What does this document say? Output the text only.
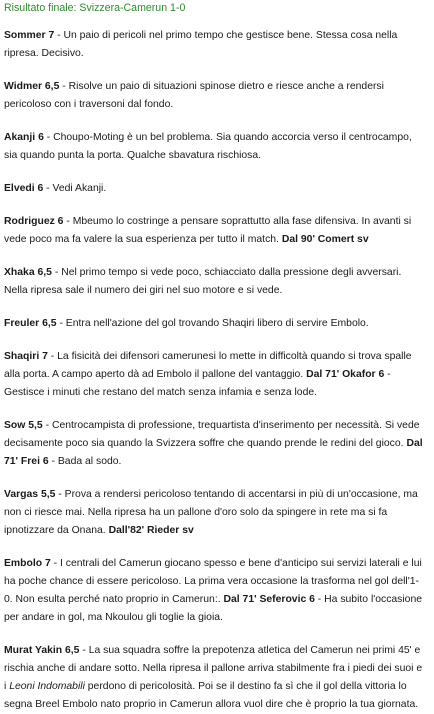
Risultato finale: Svizzera-Camerun 1-0

Sommer 7 - Un paio di pericoli nel primo tempo che gestisce bene. Stessa cosa nella ripresa. Decisivo.

Widmer 6,5 - Risolve un paio di situazioni spinose dietro e riesce anche a rendersi pericoloso con i traversoni dal fondo.

Akanji 6 - Choupo-Moting è un bel problema. Sia quando accorcia verso il centrocampo, sia quando punta la porta. Qualche sbavatura rischiosa.

Elvedi 6 - Vedi Akanji.

Rodriguez 6 - Mbeumo lo costringe a pensare soprattutto alla fase difensiva. In avanti si vede poco ma fa valere la sua esperienza per tutto il match. Dal 90' Comert sv

Xhaka 6,5 - Nel primo tempo si vede poco, schiacciato dalla pressione degli avversari. Nella ripresa sale il numero dei giri nel suo motore e si vede.

Freuler 6,5 - Entra nell'azione del gol trovando Shaqiri libero di servire Embolo.

Shaqiri 7 - La fisicità dei difensori camerunesi lo mette in difficoltà quando si trova spalle alla porta. A campo aperto dà ad Embolo il pallone del vantaggio. Dal 71' Okafor 6 - Gestisce i minuti che restano del match senza infamia e senza lode.

Sow 5,5 - Centrocampista di professione, trequartista d'inserimento per necessità. Si vede decisamente poco sia quando la Svizzera soffre che quando prende le redini del gioco. Dal 71' Frei 6 - Bada al sodo.

Vargas 5,5 - Prova a rendersi pericoloso tentando di accentarsi in più di un'occasione, ma non ci riesce mai. Nella ripresa ha un pallone d'oro solo da spingere in rete ma si fa ipnotizzare da Onana. Dall'82' Rieder sv

Embolo 7 - I centrali del Camerun giocano spesso e bene d'anticipo sui servizi laterali e lui ha poche chance di essere pericoloso. La prima vera occasione la trasforma nel gol dell'1-0. Non esulta perché nato proprio in Camerun:. Dal 71' Seferovic 6 - Ha subito l'occasione per andare in gol, ma Nkoulou gli toglie la gioia.

Murat Yakin 6,5 - La sua squadra soffre la prepotenza atletica del Camerun nei primi 45' e rischia anche di andare sotto. Nella ripresa il pallone arriva stabilmente fra i piedi dei suoi e i Leoni Indomabili perdono di pericolosità. Poi se il destino fa sì che il gol della vittoria lo segna Breel Embolo nato proprio in Camerun allora vuol dire che è proprio la tua giornata.
